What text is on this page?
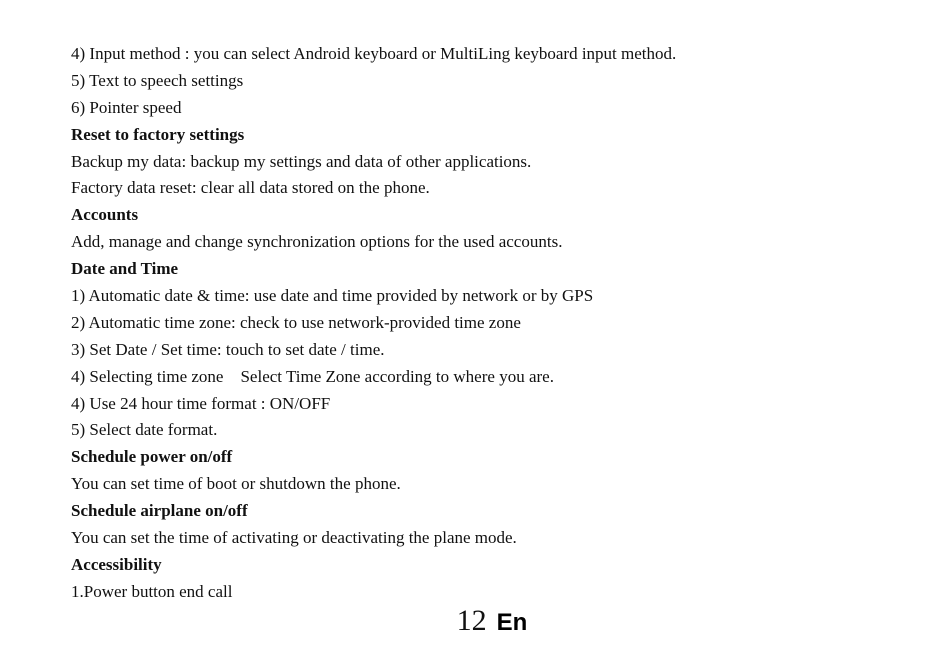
4) Input method : you can select Android keyboard or MultiLing keyboard input method.
5) Text to speech settings
6) Pointer speed
Reset to factory settings
Backup my data: backup my settings and data of other applications.
Factory data reset: clear all data stored on the phone.
Accounts
Add, manage and change synchronization options for the used accounts.
Date and Time
1) Automatic date & time: use date and time provided by network or by GPS
2) Automatic time zone: check to use network-provided time zone
3) Set Date / Set time: touch to set date / time.
4) Selecting time zone    Select Time Zone according to where you are.
4) Use 24 hour time format : ON/OFF
5) Select date format.
Schedule power on/off
You can set time of boot or shutdown the phone.
Schedule airplane on/off
You can set the time of activating or deactivating the plane mode.
Accessibility
1.Power button end call
12 En
